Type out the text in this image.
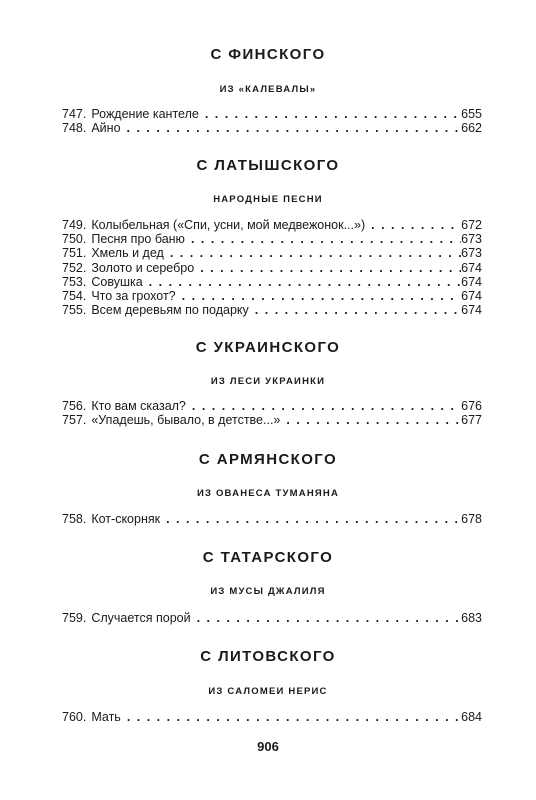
С ФИНСКОГО
ИЗ «КАЛЕВАЛЫ»
747. Рождение кантеле . . .	655
748. Айно . . .	662
С ЛАТЫШСКОГО
НАРОДНЫЕ ПЕСНИ
749. Колыбельная («Спи, усни, мой медвежонок...») . . .	672
750. Песня про баню . . .	673
751. Хмель и дед . . .	673
752. Золото и серебро . . .	674
753. Совушка . . .	674
754. Что за грохот? . . .	674
755. Всем деревьям по подарку . . .	674
С УКРАИНСКОГО
ИЗ ЛЕСИ УКРАИНКИ
756. Кто вам сказал? . . .	676
757. «Упадешь, бывало, в детстве...» . . .	677
С АРМЯНСКОГО
ИЗ ОВАНЕСА ТУМАНЯНА
758. Кот-скорняк . . .	678
С ТАТАРСКОГО
ИЗ МУСЫ ДЖАЛИЛЯ
759. Случается порой . . .	683
С ЛИТОВСКОГО
ИЗ САЛОМЕИ НЕРИС
760. Мать . . .	684
906
